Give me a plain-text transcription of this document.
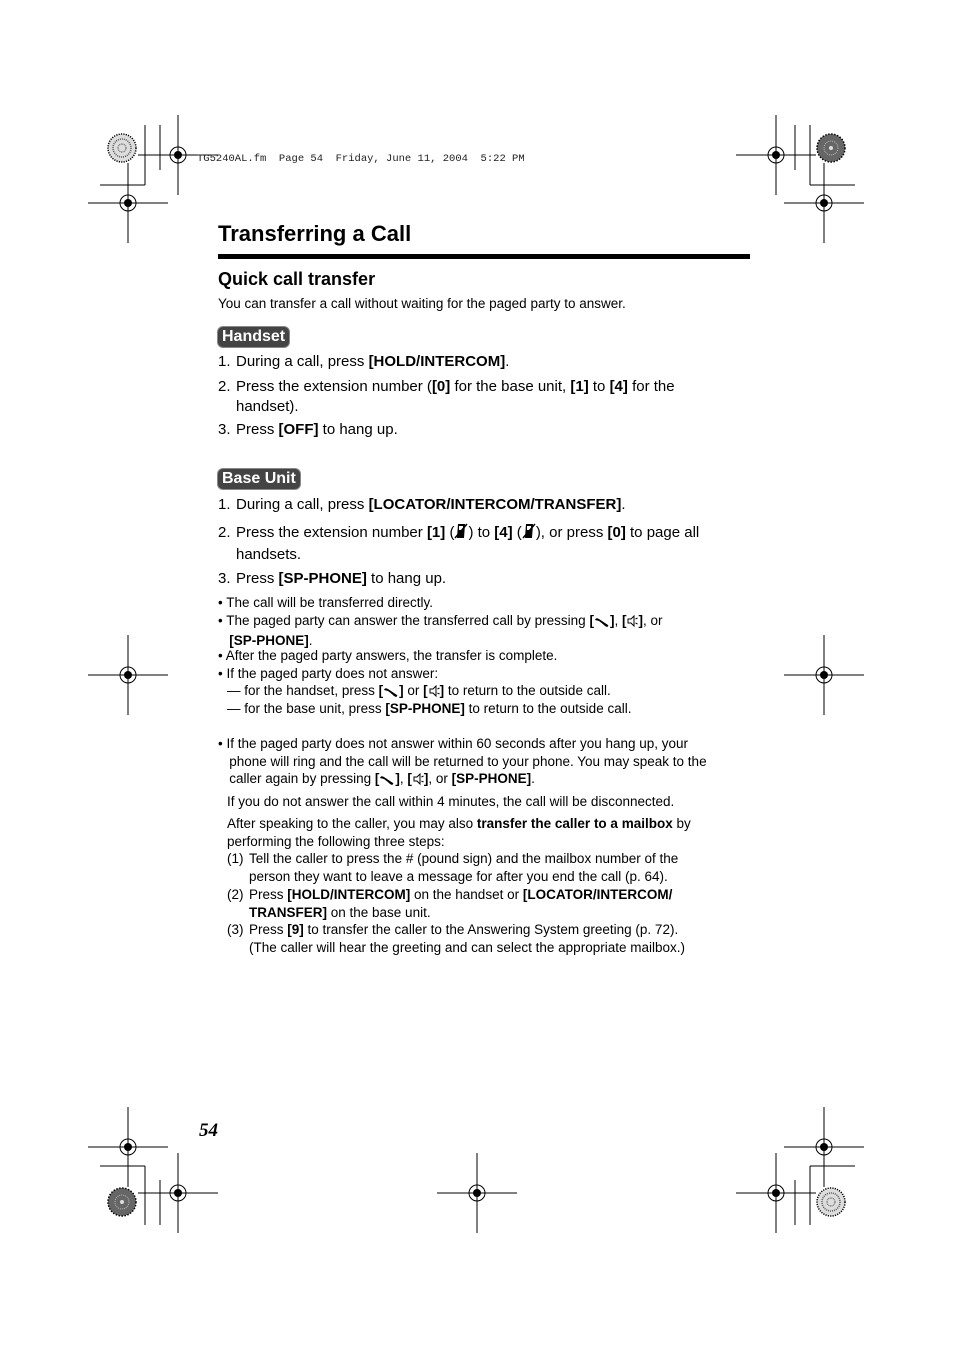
TG5240AL.fm  Page 54  Friday, June 11, 2004  5:22 PM
Transferring a Call
Quick call transfer
You can transfer a call without waiting for the paged party to answer.
Handset
1. During a call, press [HOLD/INTERCOM].
2. Press the extension number ([0] for the base unit, [1] to [4] for the
handset).
3. Press [OFF] to hang up.
Base Unit
1. During a call, press [LOCATOR/INTERCOM/TRANSFER].
2. Press the extension number [1] ( ) to [4] ( ), or press [0] to page all
handsets.
3. Press [SP-PHONE] to hang up.
• The call will be transferred directly.
• The paged party can answer the transferred call by pressing [ ], [ ], or
[SP-PHONE].
• After the paged party answers, the transfer is complete.
• If the paged party does not answer:
— for the handset, press [ ] or [ ] to return to the outside call.
— for the base unit, press [SP-PHONE] to return to the outside call.
• If the paged party does not answer within 60 seconds after you hang up, your
phone will ring and the call will be returned to your phone. You may speak to the
caller again by pressing [ ], [ ], or [SP-PHONE].
If you do not answer the call within 4 minutes, the call will be disconnected.
After speaking to the caller, you may also transfer the caller to a mailbox by
performing the following three steps:
(1) Tell the caller to press the # (pound sign) and the mailbox number of the
person they want to leave a message for after you end the call (p. 64).
(2) Press [HOLD/INTERCOM] on the handset or [LOCATOR/INTERCOM/
TRANSFER] on the base unit.
(3) Press [9] to transfer the caller to the Answering System greeting (p. 72).
(The caller will hear the greeting and can select the appropriate mailbox.)
54
